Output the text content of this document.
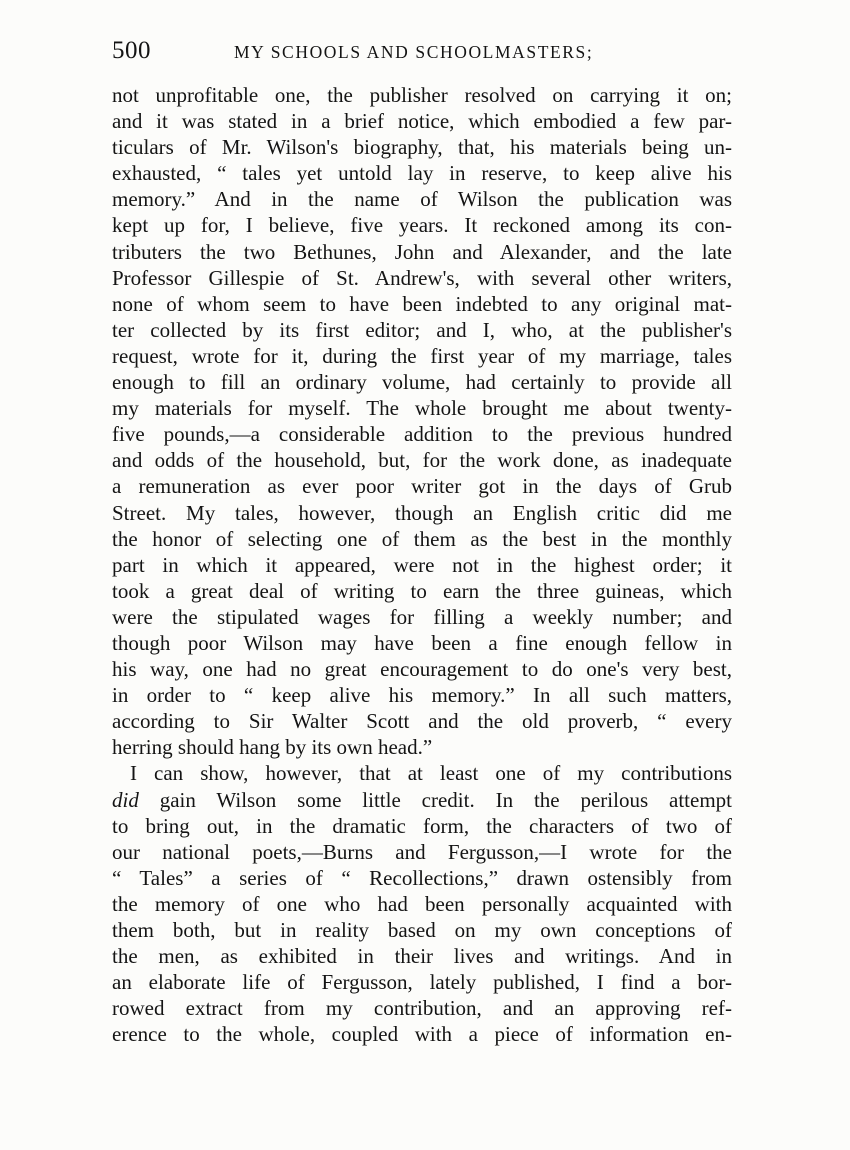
500	MY SCHOOLS AND SCHOOLMASTERS;
not unprofitable one, the publisher resolved on carrying it on;
and it was stated in a brief notice, which embodied a few par-
ticulars of Mr. Wilson's biography, that, his materials being un-
exhausted, “ tales yet untold lay in reserve, to keep alive his
memory.” And in the name of Wilson the publication was
kept up for, I believe, five years. It reckoned among its con-
tributers the two Bethunes, John and Alexander, and the late
Professor Gillespie of St. Andrew's, with several other writers,
none of whom seem to have been indebted to any original mat-
ter collected by its first editor; and I, who, at the publisher's
request, wrote for it, during the first year of my marriage, tales
enough to fill an ordinary volume, had certainly to provide all
my materials for myself. The whole brought me about twenty-
five pounds,—a considerable addition to the previous hundred
and odds of the household, but, for the work done, as inadequate
a remuneration as ever poor writer got in the days of Grub
Street. My tales, however, though an English critic did me
the honor of selecting one of them as the best in the monthly
part in which it appeared, were not in the highest order; it
took a great deal of writing to earn the three guineas, which
were the stipulated wages for filling a weekly number; and
though poor Wilson may have been a fine enough fellow in
his way, one had no great encouragement to do one's very best,
in order to “ keep alive his memory.” In all such matters,
according to Sir Walter Scott and the old proverb, “ every
herring should hang by its own head.”
I can show, however, that at least one of my contributions
did gain Wilson some little credit. In the perilous attempt
to bring out, in the dramatic form, the characters of two of
our national poets,—Burns and Fergusson,—I wrote for the
“ Tales” a series of “ Recollections,” drawn ostensibly from
the memory of one who had been personally acquainted with
them both, but in reality based on my own conceptions of
the men, as exhibited in their lives and writings. And in
an elaborate life of Fergusson, lately published, I find a bor-
rowed extract from my contribution, and an approving ref-
erence to the whole, coupled with a piece of information en-
